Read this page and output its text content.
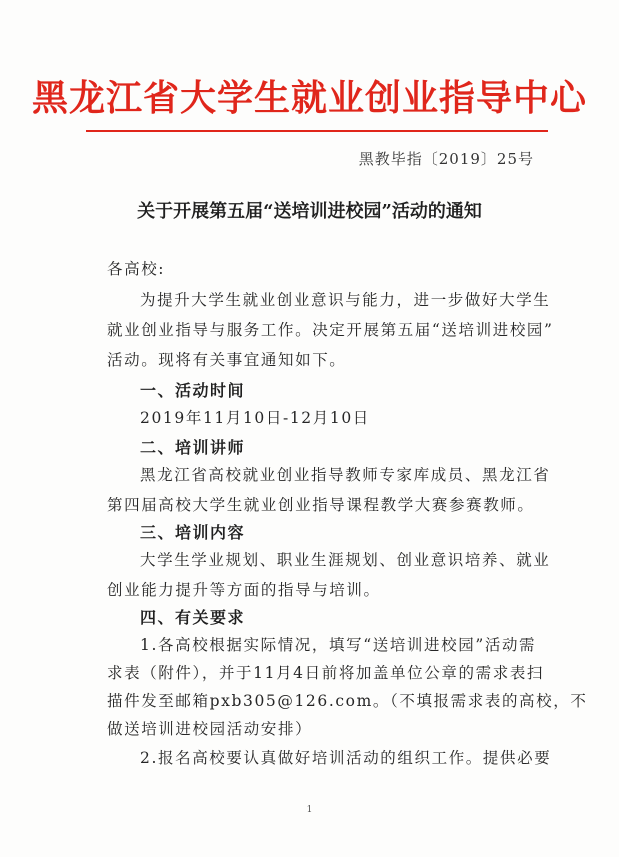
黑龙江省大学生就业创业指导中心
黑教毕指〔2019〕25号
关于开展第五届“送培训进校园”活动的通知
各高校:
为提升大学生就业创业意识与能力，进一步做好大学生
就业创业指导与服务工作。决定开展第五届“送培训进校园”
活动。现将有关事宜通知如下。
一、活动时间
2019年11月10日-12月10日
二、培训讲师
黑龙江省高校就业创业指导教师专家库成员、黑龙江省
第四届高校大学生就业创业指导课程教学大赛参赛教师。
三、培训内容
大学生学业规划、职业生涯规划、创业意识培养、就业
创业能力提升等方面的指导与培训。
四、有关要求
1.各高校根据实际情况，填写“送培训进校园”活动需
求表（附件），并于11月4日前将加盖单位公章的需求表扫
描件发至邮箱pxb305@126.com。（不填报需求表的高校，不
做送培训进校园活动安排）
2.报名高校要认真做好培训活动的组织工作。提供必要
1
